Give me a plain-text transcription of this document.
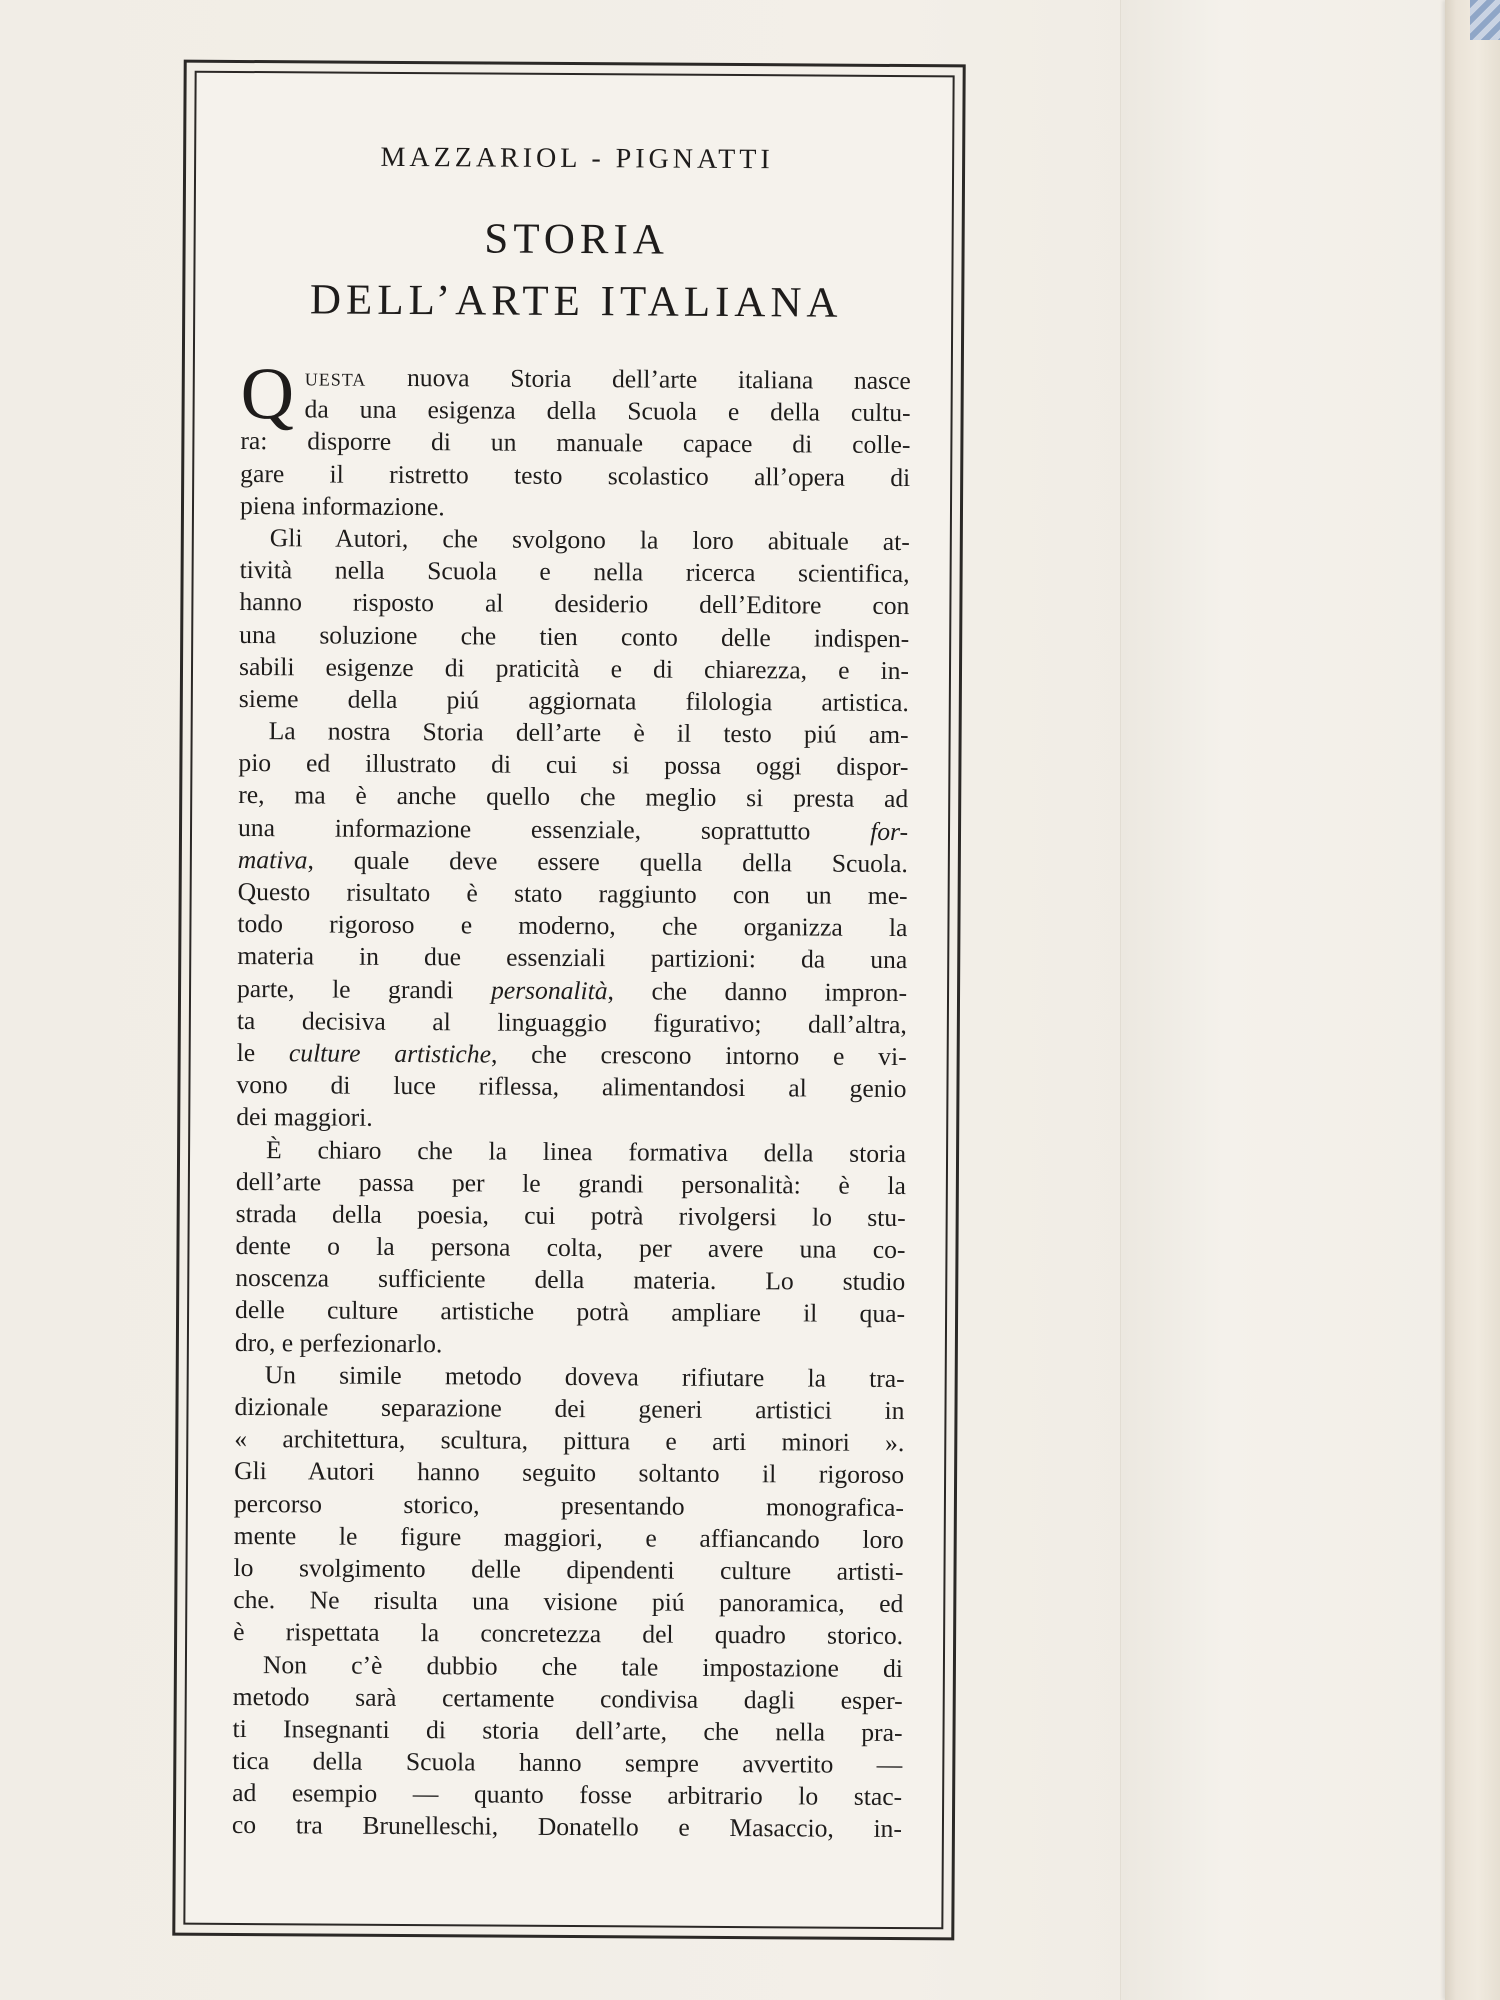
MAZZARIOL - PIGNATTI

STORIA
DELL’ARTE ITALIANA
Q uesta nuova Storia dell’arte italiana nasce
da una esigenza della Scuola e della cultu-
ra: disporre di un manuale capace di colle-
gare il ristretto testo scolastico all’opera di
piena informazione.
Gli Autori, che svolgono la loro abituale at-
tività nella Scuola e nella ricerca scientifica,
hanno risposto al desiderio dell’Editore con
una soluzione che tien conto delle indispen-
sabili esigenze di praticità e di chiarezza, e in-
sieme della piú aggiornata filologia artistica.
La nostra Storia dell’arte è il testo piú am-
pio ed illustrato di cui si possa oggi dispor-
re, ma è anche quello che meglio si presta ad
una informazione essenziale, soprattutto for-
mativa, quale deve essere quella della Scuola.
Questo risultato è stato raggiunto con un me-
todo rigoroso e moderno, che organizza la
materia in due essenziali partizioni: da una
parte, le grandi personalità, che danno impron-
ta decisiva al linguaggio figurativo; dall’altra,
le culture artistiche, che crescono intorno e vi-
vono di luce riflessa, alimentandosi al genio
dei maggiori.
È chiaro che la linea formativa della storia
dell’arte passa per le grandi personalità: è la
strada della poesia, cui potrà rivolgersi lo stu-
dente o la persona colta, per avere una co-
noscenza sufficiente della materia. Lo studio
delle culture artistiche potrà ampliare il qua-
dro, e perfezionarlo.
Un simile metodo doveva rifiutare la tra-
dizionale separazione dei generi artistici in
« architettura, scultura, pittura e arti minori ».
Gli Autori hanno seguito soltanto il rigoroso
percorso storico, presentando monografica-
mente le figure maggiori, e affiancando loro
lo svolgimento delle dipendenti culture artisti-
che. Ne risulta una visione piú panoramica, ed
è rispettata la concretezza del quadro storico.
Non c’è dubbio che tale impostazione di
metodo sarà certamente condivisa dagli esper-
ti Insegnanti di storia dell’arte, che nella pra-
tica della Scuola hanno sempre avvertito —
ad esempio — quanto fosse arbitrario lo stac-
co tra Brunelleschi, Donatello e Masaccio, in-
